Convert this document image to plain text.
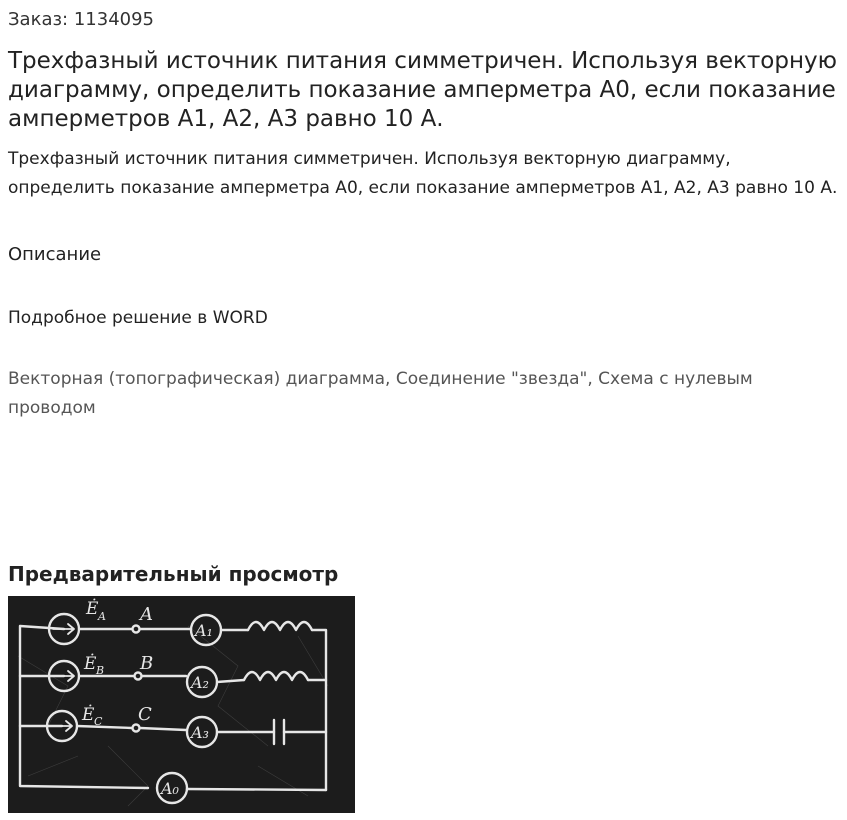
Заказ: 1134095
Трехфазный источник питания симметричен. Используя векторную диаграмму, определить показание амперметра А0, если показание амперметров А1, А2, А3 равно 10 А.
Трехфазный источник питания симметричен. Используя векторную диаграмму, определить показание амперметра А0, если показание амперметров А1, А2, А3 равно 10 А.
Описание
Подробное решение в WORD
Векторная (топографическая) диаграмма, Соединение "звезда", Схема с нулевым проводом
Предварительный просмотр
Ė A
Ė B
Ė C
A
B
C
A₁
A₂
A₃
A₀
